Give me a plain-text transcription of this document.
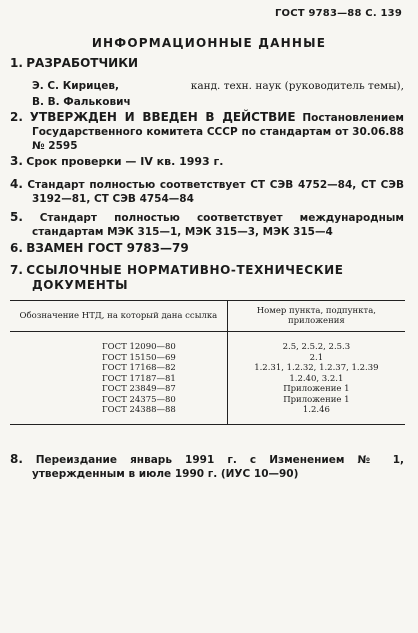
ГОСТ 9783—88 С. 139
ИНФОРМАЦИОННЫЕ ДАННЫЕ
1. РАЗРАБОТЧИКИ
Э. С. Кирицев,	канд. техн. наук (руководитель темы),
В. В. Фалькович
2. УТВЕРЖДЕН И ВВЕДЕН В ДЕЙСТВИЕ Постановлением Государственного комитета СССР по стандартам от 30.06.88 № 2595
3. Срок проверки — IV кв. 1993 г.
4. Стандарт полностью соответствует СТ СЭВ 4752—84, СТ СЭВ 3192—81, СТ СЭВ 4754—84
5. Стандарт полностью соответствует международным стандартам МЭК 315—1, МЭК 315—3, МЭК 315—4
6. ВЗАМЕН ГОСТ 9783—79
7. ССЫЛОЧНЫЕ НОРМАТИВНО-ТЕХНИЧЕСКИЕ ДОКУМЕНТЫ
Обозначение НТД, на который дана ссылка	Номер пункта, подпункта, приложения

ГОСТ 12090—80	2.5, 2.5.2, 2.5.3
ГОСТ 15150—69	2.1
ГОСТ 17168—82	1.2.31, 1.2.32, 1.2.37, 1.2.39
ГОСТ 17187—81	1.2.40, 3.2.1
ГОСТ 23849—87	Приложение 1
ГОСТ 24375—80	Приложение 1
ГОСТ 24388—88	1.2.46
8. Переиздание январь 1991 г. с Изменением № 1, утвержденным в июле 1990 г. (ИУС 10—90)
